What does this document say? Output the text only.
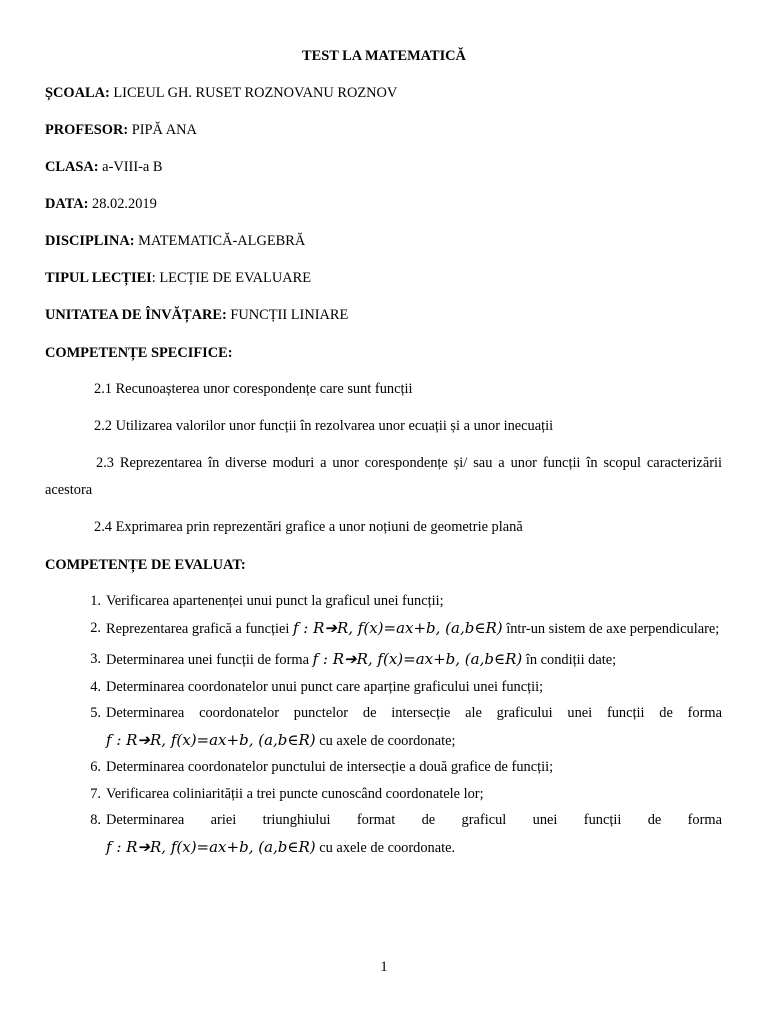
TEST LA MATEMATICĂ
ȘCOALA: LICEUL GH. RUSET ROZNOVANU ROZNOV
PROFESOR: PIPĂ ANA
CLASA: a-VIII-a B
DATA: 28.02.2019
DISCIPLINA: MATEMATICĂ-ALGEBRĂ
TIPUL LECȚIEI: LECȚIE DE EVALUARE
UNITATEA DE ÎNVĂȚARE: FUNCȚII LINIARE
COMPETENȚE SPECIFICE:
2.1 Recunoașterea unor corespondențe care sunt funcții
2.2 Utilizarea valorilor unor funcții în rezolvarea unor ecuații și a unor inecuații
2.3 Reprezentarea în diverse moduri a unor corespondențe și/ sau a unor funcții în scopul caracterizării acestora
2.4 Exprimarea prin reprezentări grafice a unor noțiuni de geometrie plană
COMPETENȚE DE EVALUAT:
1. Verificarea apartenenței unui punct la graficul unei funcții;
2. Reprezentarea grafică a funcției f : R➔R, f(x)=ax+b, (a,b∈R) într-un sistem de axe perpendiculare;
3. Determinarea unei funcții de forma f : R➔R, f(x)=ax+b, (a,b∈R) în condiții date;
4. Determinarea coordonatelor unui punct care aparține graficului unei funcții;
5. Determinarea coordonatelor punctelor de intersecție ale graficului unei funcții de forma f : R➔R, f(x)=ax+b, (a,b∈R) cu axele de coordonate;
6. Determinarea coordonatelor punctului de intersecție a două grafice de funcții;
7. Verificarea coliniarității a trei puncte cunoscând coordonatele lor;
8. Determinarea ariei triunghiului format de graficul unei funcții de forma f : R➔R, f(x)=ax+b, (a,b∈R) cu axele de coordonate.
1
